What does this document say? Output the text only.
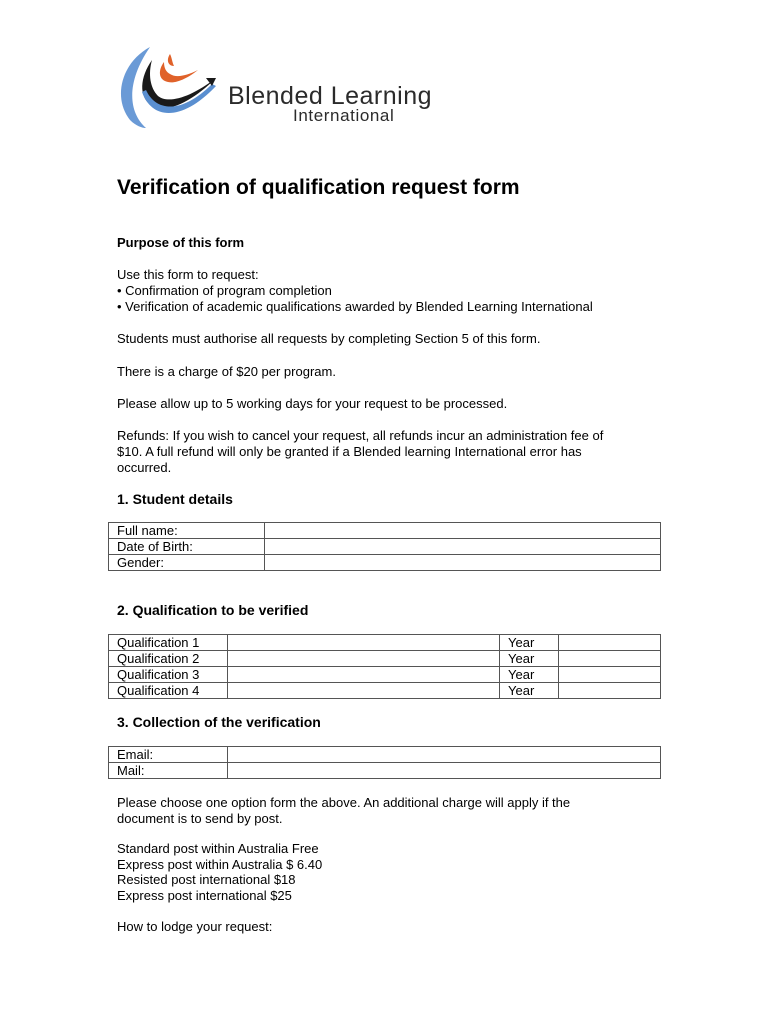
Blended Learning
International
Verification of qualification request form
Purpose of this form
Use this form to request:
• Confirmation of program completion
• Verification of academic qualifications awarded by Blended Learning International
Students must authorise all requests by completing Section 5 of this form.
There is a charge of $20 per program.
Please allow up to 5 working days for your request to be processed.
Refunds: If you wish to cancel your request, all refunds incur an administration fee of
$10. A full refund will only be granted if a Blended learning International error has
occurred.
1. Student details
Full name:	
Date of Birth:	
Gender:	
2. Qualification to be verified
Qualification 1		Year	
Qualification 2		Year	
Qualification 3		Year	
Qualification 4		Year	
3. Collection of the verification
Email:	
Mail:	
Please choose one option form the above. An additional charge will apply if the
document is to send by post.
Standard post within Australia Free
Express post within Australia $ 6.40
Resisted post international $18
Express post international $25
How to lodge your request:
